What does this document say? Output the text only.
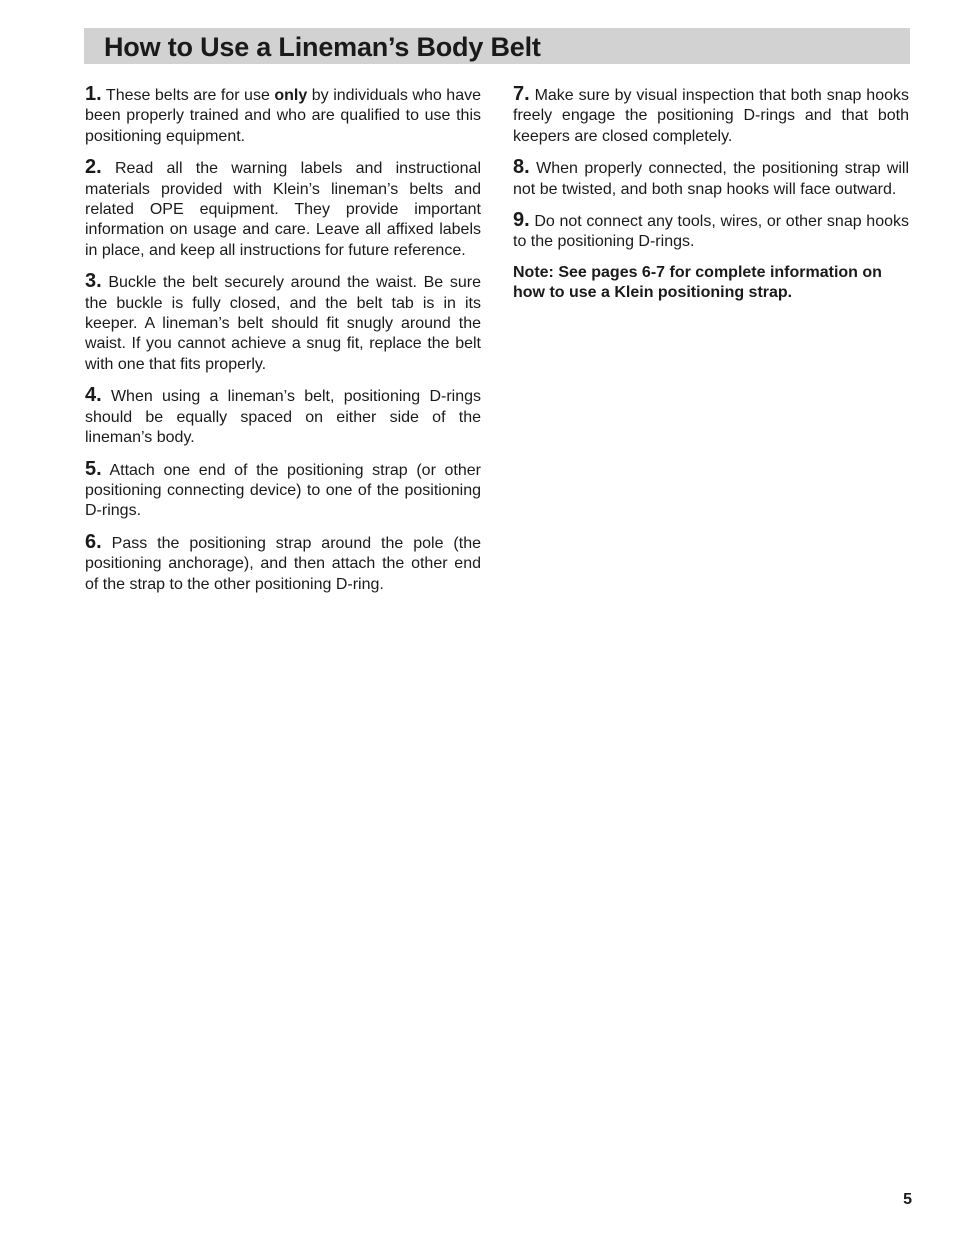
How to Use a Lineman’s Body Belt

1. These belts are for use only by individuals who have been properly trained and who are qualified to use this positioning equipment.

2. Read all the warning labels and instructional materials provided with Klein’s lineman’s belts and related OPE equipment. They provide important information on usage and care. Leave all affixed labels in place, and keep all instructions for future reference.

3. Buckle the belt securely around the waist. Be sure the buckle is fully closed, and the belt tab is in its keeper. A lineman’s belt should fit snugly around the waist. If you cannot achieve a snug fit, replace the belt with one that fits properly.

4. When using a lineman’s belt, positioning D-rings should be equally spaced on either side of the lineman’s body.

5. Attach one end of the positioning strap (or other positioning connecting device) to one of the positioning D-rings.

6. Pass the positioning strap around the pole (the positioning anchorage), and then attach the other end of the strap to the other positioning D-ring.

7. Make sure by visual inspection that both snap hooks freely engage the positioning D-rings and that both keepers are closed completely.

8. When properly connected, the positioning strap will not be twisted, and both snap hooks will face outward.

9. Do not connect any tools, wires, or other snap hooks to the positioning D-rings.

Note: See pages 6-7 for complete information on how to use a Klein positioning strap.

5
